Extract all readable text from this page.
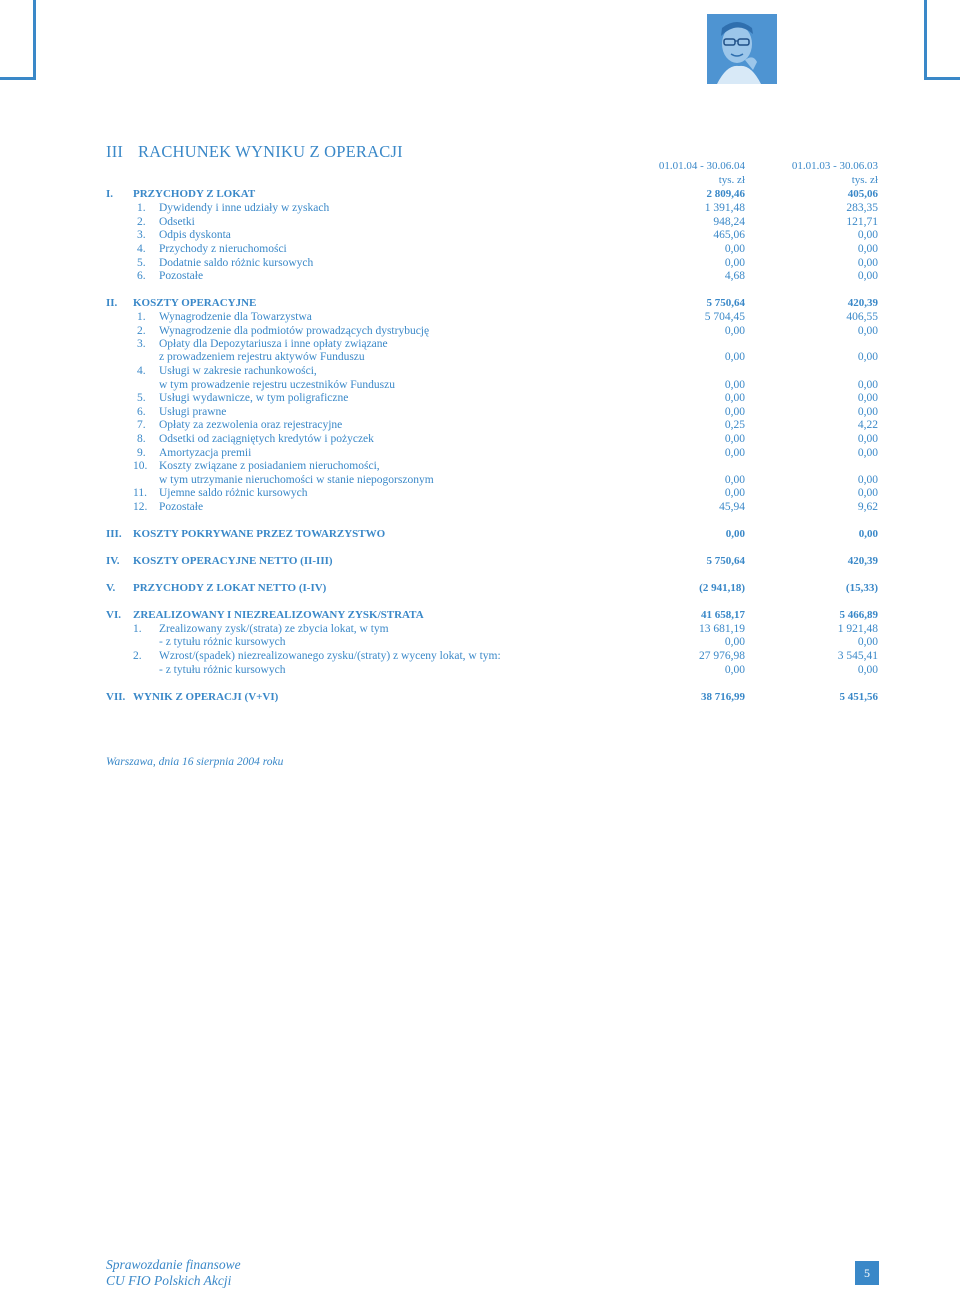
III RACHUNEK WYNIKU Z OPERACJI
01.01.04 - 30.06.04	01.01.03 - 30.06.03
tys. zł	tys. zł
I. PRZYCHODY Z LOKAT	2 809,46	405,06
1. Dywidendy i inne udziały w zyskach	1 391,48	283,35
2. Odsetki	948,24	121,71
3. Odpis dyskonta	465,06	0,00
4. Przychody z nieruchomości	0,00	0,00
5. Dodatnie saldo różnic kursowych	0,00	0,00
6. Pozostałe	4,68	0,00
II. KOSZTY OPERACYJNE	5 750,64	420,39
1. Wynagrodzenie dla Towarzystwa	5 704,45	406,55
2. Wynagrodzenie dla podmiotów prowadzących dystrybucję	0,00	0,00
3. Opłaty dla Depozytariusza i inne opłaty związane
z prowadzeniem rejestru aktywów Funduszu	0,00	0,00
4. Usługi w zakresie rachunkowości,
w tym prowadzenie rejestru uczestników Funduszu	0,00	0,00
5. Usługi wydawnicze, w tym poligraficzne	0,00	0,00
6. Usługi prawne	0,00	0,00
7. Opłaty za zezwolenia oraz rejestracyjne	0,25	4,22
8. Odsetki od zaciągniętych kredytów i pożyczek	0,00	0,00
9. Amortyzacja premii	0,00	0,00
10. Koszty związane z posiadaniem nieruchomości,
w tym utrzymanie nieruchomości w stanie niepogorszonym	0,00	0,00
11. Ujemne saldo różnic kursowych	0,00	0,00
12. Pozostałe	45,94	9,62
III. KOSZTY POKRYWANE PRZEZ TOWARZYSTWO	0,00	0,00
IV. KOSZTY OPERACYJNE NETTO (II-III)	5 750,64	420,39
V. PRZYCHODY Z LOKAT NETTO (I-IV)	(2 941,18)	(15,33)
VI. ZREALIZOWANY I NIEZREALIZOWANY ZYSK/STRATA	41 658,17	5 466,89
1. Zrealizowany zysk/(strata) ze zbycia lokat, w tym	13 681,19	1 921,48
- z tytułu różnic kursowych	0,00	0,00
2. Wzrost/(spadek) niezrealizowanego zysku/(straty) z wyceny lokat, w tym:	27 976,98	3 545,41
- z tytułu różnic kursowych	0,00	0,00
VII. WYNIK Z OPERACJI (V+VI)	38 716,99	5 451,56
Warszawa, dnia 16 sierpnia 2004 roku
Sprawozdanie finansowe
CU FIO Polskich Akcji	5
